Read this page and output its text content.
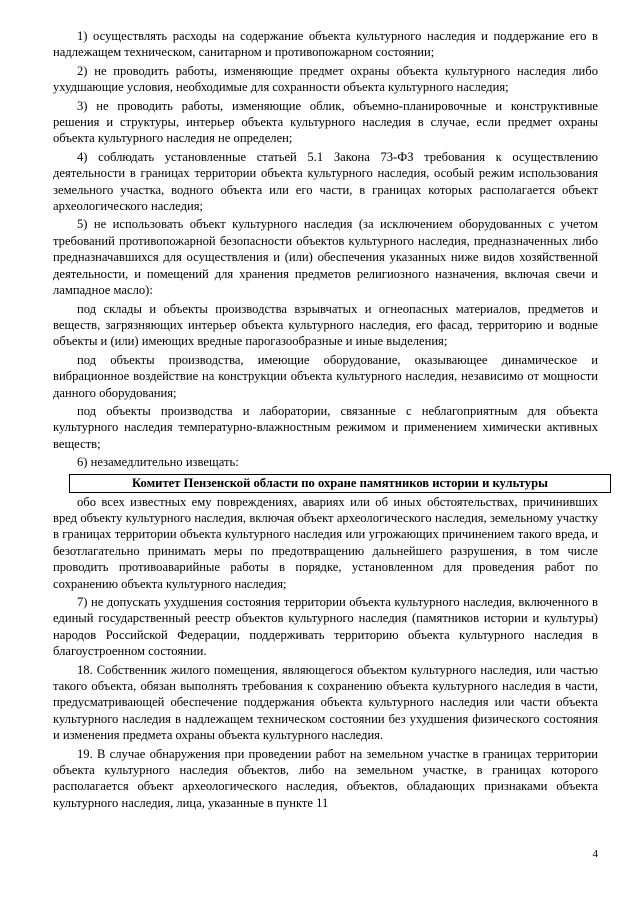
1) осуществлять расходы на содержание объекта культурного наследия и поддержание его в надлежащем техническом, санитарном и противопожарном состоянии;

2) не проводить работы, изменяющие предмет охраны объекта культурного наследия либо ухудшающие условия, необходимые для сохранности объекта культурного наследия;

3) не проводить работы, изменяющие облик, объемно-планировочные и конструктивные решения и структуры, интерьер объекта культурного наследия в случае, если предмет охраны объекта культурного наследия не определен;

4) соблюдать установленные статьей 5.1 Закона 73-ФЗ требования к осуществлению деятельности в границах территории объекта культурного наследия, особый режим использования земельного участка, водного объекта или его части, в границах которых располагается объект археологического наследия;

5) не использовать объект культурного наследия (за исключением оборудованных с учетом требований противопожарной безопасности объектов культурного наследия, предназначенных либо предназначавшихся для осуществления и (или) обеспечения указанных ниже видов хозяйственной деятельности, и помещений для хранения предметов религиозного назначения, включая свечи и лампадное масло):

под склады и объекты производства взрывчатых и огнеопасных материалов, предметов и веществ, загрязняющих интерьер объекта культурного наследия, его фасад, территорию и водные объекты и (или) имеющих вредные парогазообразные и иные выделения;

под объекты производства, имеющие оборудование, оказывающее динамическое и вибрационное воздействие на конструкции объекта культурного наследия, независимо от мощности данного оборудования;

под объекты производства и лаборатории, связанные с неблагоприятным для объекта культурного наследия температурно-влажностным режимом и применением химически активных веществ;

6) незамедлительно извещать:

Комитет Пензенской области по охране памятников истории и культуры

обо всех известных ему повреждениях, авариях или об иных обстоятельствах, причинивших вред объекту культурного наследия, включая объект археологического наследия, земельному участку в границах территории объекта культурного наследия или угрожающих причинением такого вреда, и безотлагательно принимать меры по предотвращению дальнейшего разрушения, в том числе проводить противоаварийные работы в порядке, установленном для проведения работ по сохранению объекта культурного наследия;

7) не допускать ухудшения состояния территории объекта культурного наследия, включенного в единый государственный реестр объектов культурного наследия (памятников истории и культуры) народов Российской Федерации, поддерживать территорию объекта культурного наследия в благоустроенном состоянии.

18. Собственник жилого помещения, являющегося объектом культурного наследия, или частью такого объекта, обязан выполнять требования к сохранению объекта культурного наследия в части, предусматривающей обеспечение поддержания объекта культурного наследия или части объекта культурного наследия в надлежащем техническом состоянии без ухудшения физического состояния и изменения предмета охраны объекта культурного наследия.

19. В случае обнаружения при проведении работ на земельном участке в границах территории объекта культурного наследия объектов, либо на земельном участке, в границах которого располагается объект археологического наследия, объектов, обладающих признаками объекта культурного наследия, лица, указанные в пункте 11

4
